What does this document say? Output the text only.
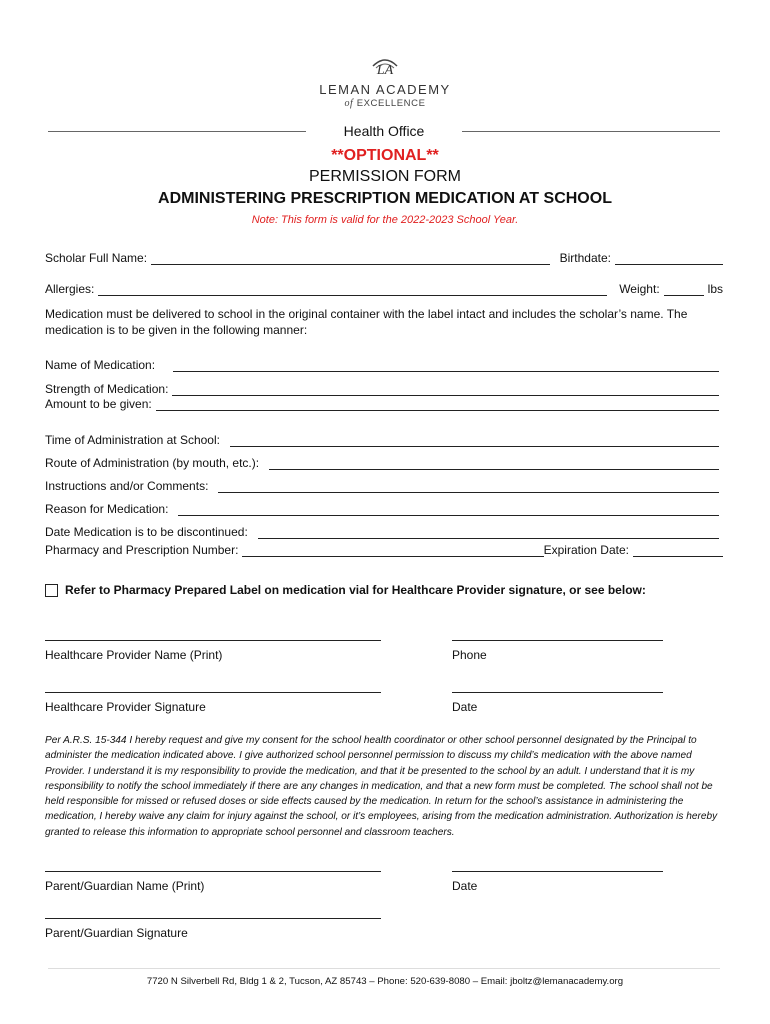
LA
LEMAN ACADEMY
of EXCELLENCE
Health Office
**OPTIONAL**
PERMISSION FORM
ADMINISTERING PRESCRIPTION MEDICATION AT SCHOOL
Note: This form is valid for the 2022-2023 School Year.
Scholar Full Name:	Birthdate:
Allergies:	Weight:	lbs
Medication must be delivered to school in the original container with the label intact and includes the scholar’s name. The medication is to be given in the following manner:
Name of Medication:
Strength of Medication:
Amount to be given:
Time of Administration at School:
Route of Administration (by mouth, etc.):
Instructions and/or Comments:
Reason for Medication:
Date Medication is to be discontinued:
Pharmacy and Prescription Number:	Expiration Date:
Refer to Pharmacy Prepared Label on medication vial for Healthcare Provider signature, or see below:
Healthcare Provider Name (Print)	Phone
Healthcare Provider Signature	Date
Per A.R.S. 15-344 I hereby request and give my consent for the school health coordinator or other school personnel designated by the Principal to administer the medication indicated above. I give authorized school personnel permission to discuss my child’s medication with the above named Provider. I understand it is my responsibility to provide the medication, and that it be presented to the school by an adult. I understand that it is my responsibility to notify the school immediately if there are any changes in medication, and that a new form must be completed. The school shall not be held responsible for missed or refused doses or side effects caused by the medication. In return for the school’s assistance in administering the medication, I hereby waive any claim for injury against the school, or it’s employees, arising from the medication administration. Authorization is hereby granted to release this information to appropriate school personnel and classroom teachers.
Parent/Guardian Name (Print)	Date
Parent/Guardian Signature
7720 N Silverbell Rd, Bldg 1 & 2, Tucson, AZ 85743 – Phone: 520-639-8080 – Email: jboltz@lemanacademy.org
